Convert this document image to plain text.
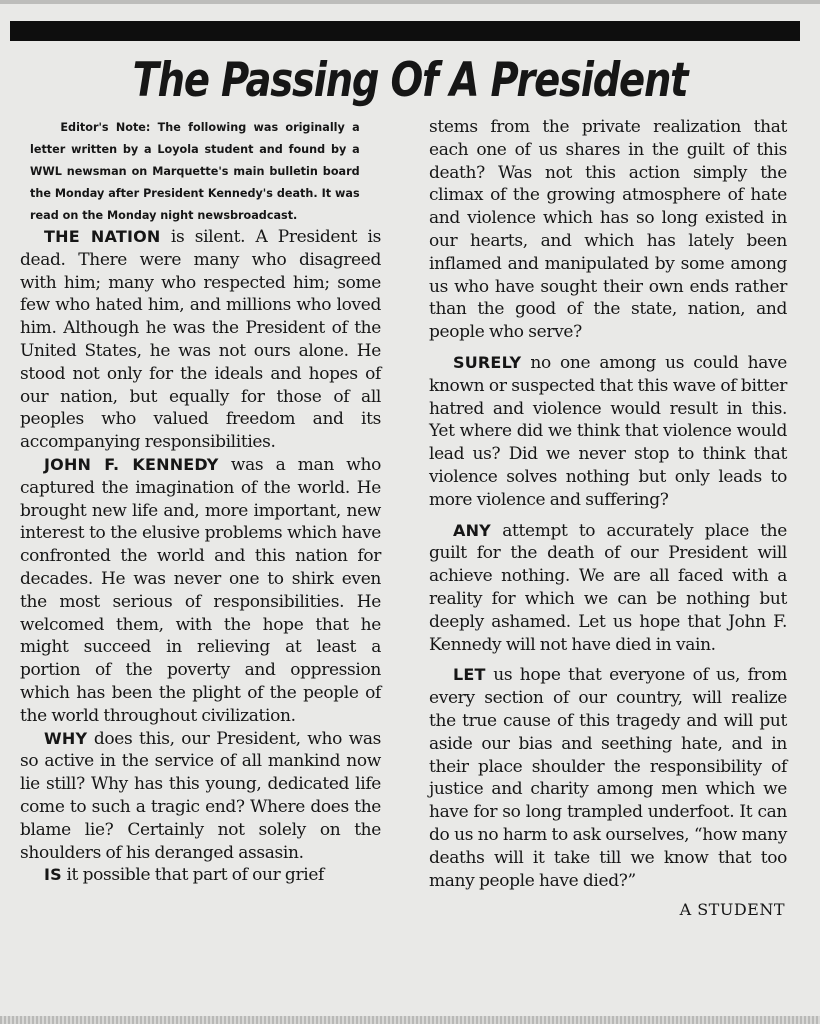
The Passing Of A President

Editor's Note: The following was originally a letter written by a Loyola student and found by a WWL newsman on Marquette's main bulletin board the Monday after President Kennedy's death. It was read on the Monday night newsbroadcast.

THE NATION is silent. A President is dead. There were many who disagreed with him; many who respected him; some few who hated him, and millions who loved him. Although he was the President of the United States, he was not ours alone. He stood not only for the ideals and hopes of our nation, but equally for those of all peoples who valued freedom and its accompanying responsibilities.

JOHN F. KENNEDY was a man who captured the imagination of the world. He brought new life and, more important, new interest to the elusive problems which have confronted the world and this nation for decades. He was never one to shirk even the most serious of responsibilities. He welcomed them, with the hope that he might succeed in relieving at least a portion of the poverty and oppression which has been the plight of the people of the world throughout civilization.

WHY does this, our President, who was so active in the service of all mankind now lie still? Why has this young, dedicated life come to such a tragic end? Where does the blame lie? Certainly not solely on the shoulders of his deranged assasin.

IS it possible that part of our grief

stems from the private realization that each one of us shares in the guilt of this death? Was not this action simply the climax of the growing atmosphere of hate and violence which has so long existed in our hearts, and which has lately been inflamed and manipulated by some among us who have sought their own ends rather than the good of the state, nation, and people who serve?

SURELY no one among us could have known or suspected that this wave of bitter hatred and violence would result in this. Yet where did we think that violence would lead us? Did we never stop to think that violence solves nothing but only leads to more violence and suffering?

ANY attempt to accurately place the guilt for the death of our President will achieve nothing. We are all faced with a reality for which we can be nothing but deeply ashamed. Let us hope that John F. Kennedy will not have died in vain.

LET us hope that everyone of us, from every section of our country, will realize the true cause of this tragedy and will put aside our bias and seething hate, and in their place shoulder the responsibility of justice and charity among men which we have for so long trampled underfoot. It can do us no harm to ask ourselves, “how many deaths will it take till we know that too many people have died?”

A STUDENT
